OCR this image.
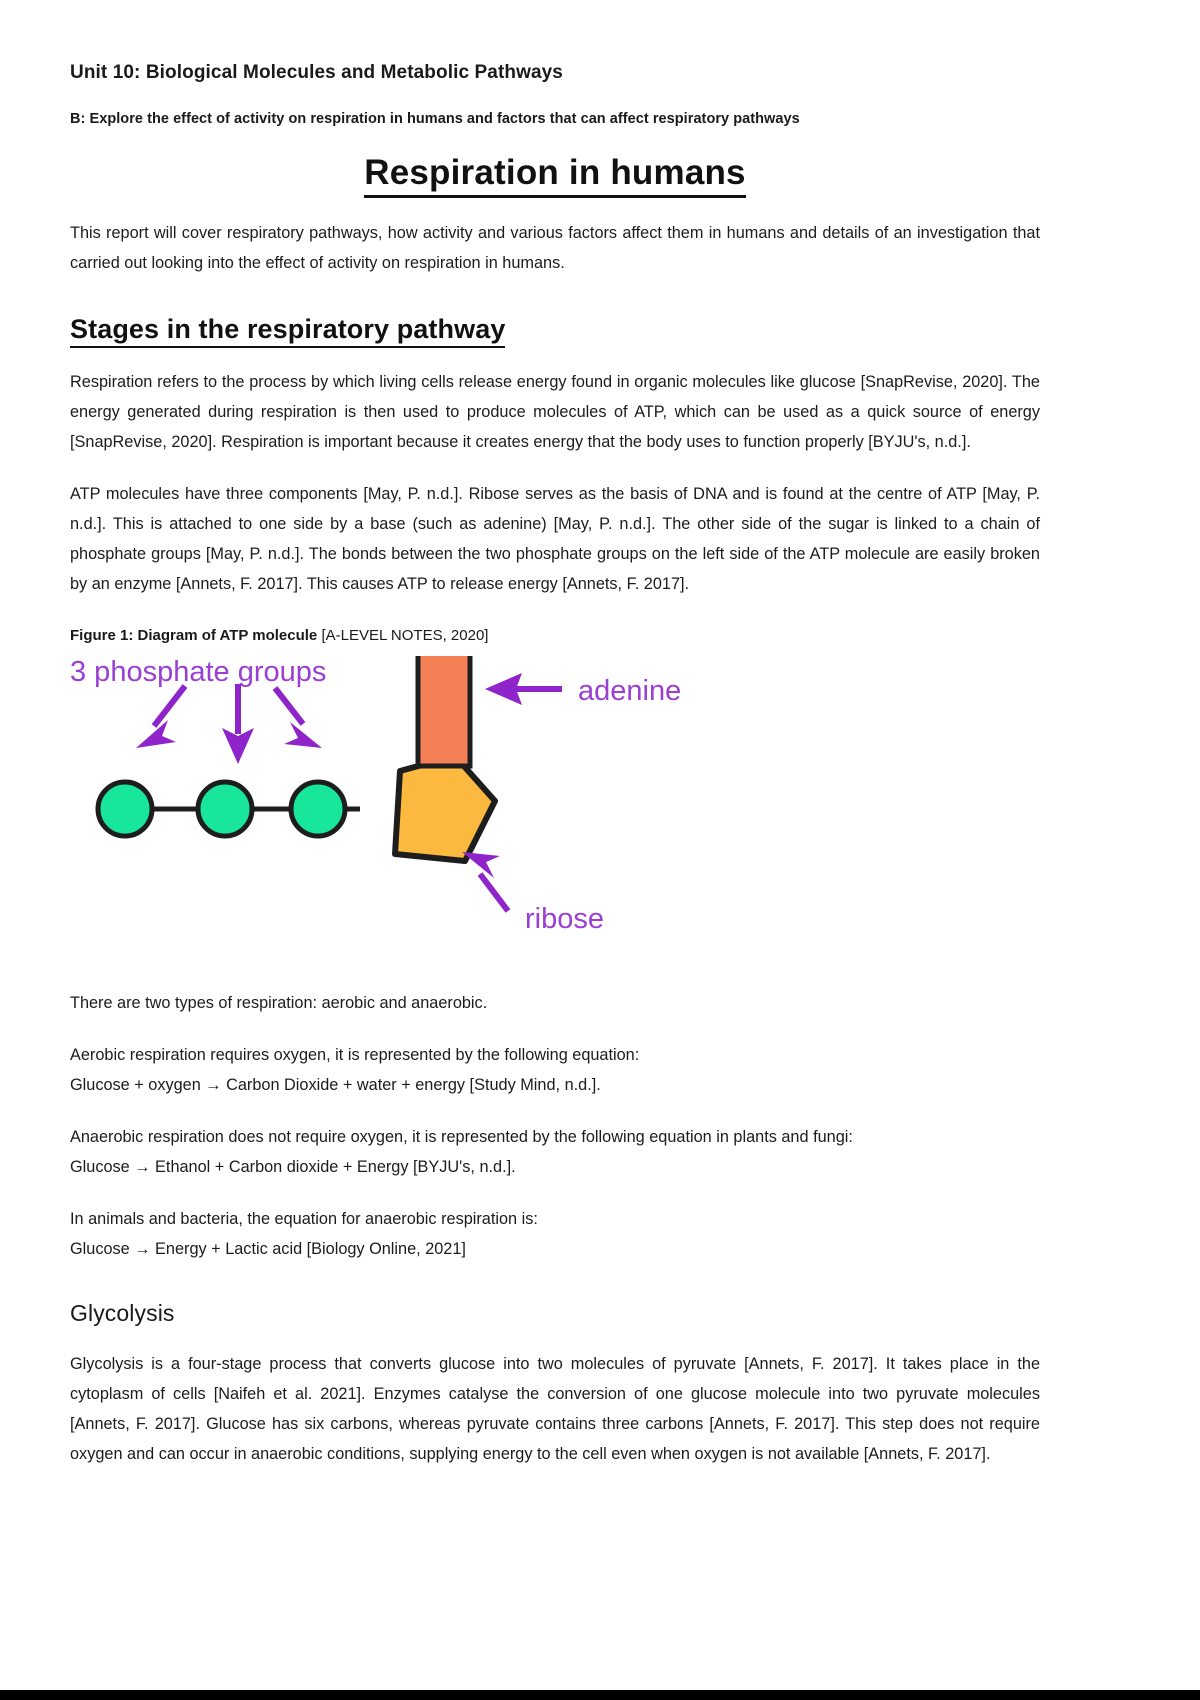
Unit 10: Biological Molecules and Metabolic Pathways
B: Explore the effect of activity on respiration in humans and factors that can affect respiratory pathways
Respiration in humans

This report will cover respiratory pathways, how activity and various factors affect them in humans and details of an investigation that carried out looking into the effect of activity on respiration in humans.

Stages in the respiratory pathway

Respiration refers to the process by which living cells release energy found in organic molecules like glucose [SnapRevise, 2020]. The energy generated during respiration is then used to produce molecules of ATP, which can be used as a quick source of energy [SnapRevise, 2020]. Respiration is important because it creates energy that the body uses to function properly [BYJU's, n.d.].

ATP molecules have three components [May, P. n.d.]. Ribose serves as the basis of DNA and is found at the centre of ATP [May, P. n.d.]. This is attached to one side by a base (such as adenine) [May, P. n.d.]. The other side of the sugar is linked to a chain of phosphate groups [May, P. n.d.]. The bonds between the two phosphate groups on the left side of the ATP molecule are easily broken by an enzyme [Annets, F. 2017]. This causes ATP to release energy [Annets, F. 2017].

Figure 1: Diagram of ATP molecule [A-LEVEL NOTES, 2020]

3 phosphate groups
adenine
ribose

There are two types of respiration: aerobic and anaerobic.

Aerobic respiration requires oxygen, it is represented by the following equation:
Glucose + oxygen → Carbon Dioxide + water + energy [Study Mind, n.d.].

Anaerobic respiration does not require oxygen, it is represented by the following equation in plants and fungi:
Glucose → Ethanol + Carbon dioxide + Energy [BYJU's, n.d.].

In animals and bacteria, the equation for anaerobic respiration is:
Glucose → Energy + Lactic acid [Biology Online, 2021]

Glycolysis

Glycolysis is a four-stage process that converts glucose into two molecules of pyruvate [Annets, F. 2017]. It takes place in the cytoplasm of cells [Naifeh et al. 2021]. Enzymes catalyse the conversion of one glucose molecule into two pyruvate molecules [Annets, F. 2017]. Glucose has six carbons, whereas pyruvate contains three carbons [Annets, F. 2017]. This step does not require oxygen and can occur in anaerobic conditions, supplying energy to the cell even when oxygen is not available [Annets, F. 2017].
